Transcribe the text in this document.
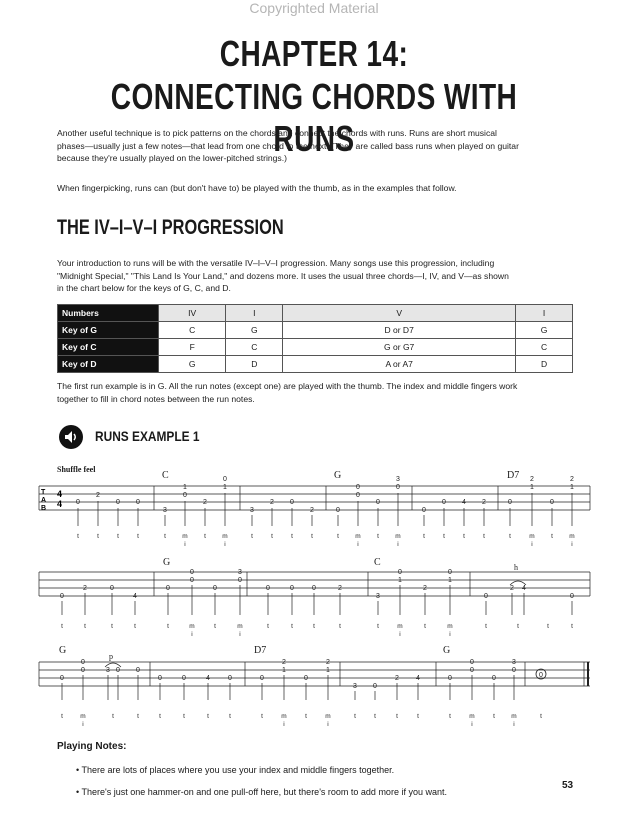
Copyrighted Material
CHAPTER 14:
CONNECTING CHORDS WITH RUNS
Another useful technique is to pick patterns on the chords and connect the chords with runs. Runs are short musical
phases—usually just a few notes—that lead from one chord to the next. (They are called bass runs when played on guitar
because they're usually played on the lower-pitched strings.)
When fingerpicking, runs can (but don't have to) be played with the thumb, as in the examples that follow.
THE IV–I–V–I PROGRESSION
Your introduction to runs will be with the versatile IV–I–V–I progression. Many songs use this progression, including
"Midnight Special," "This Land Is Your Land," and dozens more. It uses the usual three chords—I, IV, and V—as shown
in the chart below for the keys of G, C, and D.
Numbers	IV	I	V	I
Key of G	C	G	D or D7	G
Key of C	F	C	G or G7	C
Key of D	G	D	A or A7	D
The first run example is in G. All the run notes (except one) are played with the thumb. The index and middle fingers work
together to fill in chord notes between the run notes.
RUNS EXAMPLE 1
Shuffle feel
T
A
B
4
4 0
2
0 0
3
0
1
2
1
0
3
2 0
2	0
0
0
0
0
3
0
0 4 2	0
1
2
0
1
2
t	t	t	t	t	m
i
t	m
i
t	t	t	t	t	m
i
t	m
i
t	t	t	t	t	m
i
t	m
i
0
2	0
4
0
0
0
0
0
3
0	0	0	2
3
1
0
2
1
0
0
2 4
0
t	t	t	t	t	m
i
t	m
i
t	t	t	t	t	m
i
t	m
i
t	t	t	t
0
0
0
3 0 0
0	0	4	0	0
1
2
0
1
2
3 0
2 4	0
0
0
0
0
3
0
t	m
i
t	t	t	t	t	t	t	m
i
t	m
i
t	t	t	t	t	m
i
t	m
i
t
C	G	D7
G	C	h
G
p
D7	G
Playing Notes:
• There are lots of places where you use your index and middle fingers together.
• There's just one hammer-on and one pull-off here, but there's room to add more if you want.
53
